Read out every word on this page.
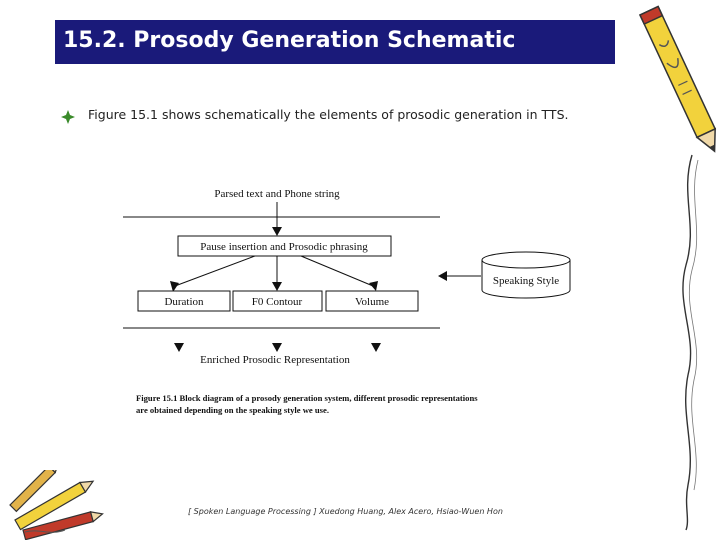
15.2. Prosody Generation Schematic
Figure 15.1 shows schematically the elements of prosodic generation in TTS.
Parsed text and Phone string
Pause insertion and Prosodic phrasing
Duration	F0 Contour	Volume
Speaking Style
Enriched Prosodic Representation
Figure 15.1 Block diagram of a prosody generation system, different prosodic representations
are obtained depending on the speaking style we use.
[ Spoken Language Processing ] Xuedong Huang, Alex Acero, Hsiao-Wuen Hon
